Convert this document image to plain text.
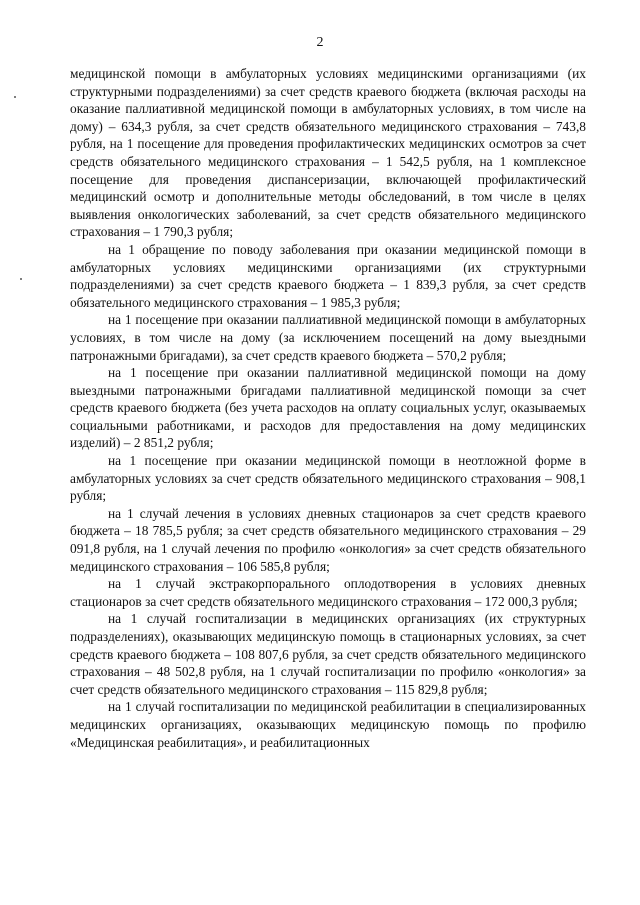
2

медицинской помощи в амбулаторных условиях медицинскими организациями (их структурными подразделениями) за счет средств краевого бюджета (включая расходы на оказание паллиативной медицинской помощи в амбулаторных условиях, в том числе на дому) – 634,3 рубля, за счет средств обязательного медицинского страхования – 743,8 рубля, на 1 посещение для проведения профилактических медицинских осмотров за счет средств обязательного медицинского страхования – 1 542,5 рубля, на 1 комплексное посещение для проведения диспансеризации, включающей профилактический медицинский осмотр и дополнительные методы обследований, в том числе в целях выявления онкологических заболеваний, за счет средств обязательного медицинского страхования – 1 790,3 рубля;

на 1 обращение по поводу заболевания при оказании медицинской помощи в амбулаторных условиях медицинскими организациями (их структурными подразделениями) за счет средств краевого бюджета – 1 839,3 рубля, за счет средств обязательного медицинского страхования – 1 985,3 рубля;

на 1 посещение при оказании паллиативной медицинской помощи в амбулаторных условиях, в том числе на дому (за исключением посещений на дому выездными патронажными бригадами), за счет средств краевого бюджета – 570,2 рубля;

на 1 посещение при оказании паллиативной медицинской помощи на дому выездными патронажными бригадами паллиативной медицинской помощи за счет средств краевого бюджета (без учета расходов на оплату социальных услуг, оказываемых социальными работниками, и расходов для предоставления на дому медицинских изделий) – 2 851,2 рубля;

на 1 посещение при оказании медицинской помощи в неотложной форме в амбулаторных условиях за счет средств обязательного медицинского страхования – 908,1 рубля;

на 1 случай лечения в условиях дневных стационаров за счет средств краевого бюджета – 18 785,5 рубля; за счет средств обязательного медицинского страхования – 29 091,8 рубля, на 1 случай лечения по профилю «онкология» за счет средств обязательного медицинского страхования – 106 585,8 рубля;

на 1 случай экстракорпорального оплодотворения в условиях дневных стационаров за счет средств обязательного медицинского страхования – 172 000,3 рубля;

на 1 случай госпитализации в медицинских организациях (их структурных подразделениях), оказывающих медицинскую помощь в стационарных условиях, за счет средств краевого бюджета – 108 807,6 рубля, за счет средств обязательного медицинского страхования – 48 502,8 рубля, на 1 случай госпитализации по профилю «онкология» за счет средств обязательного медицинского страхования – 115 829,8 рубля;

на 1 случай госпитализации по медицинской реабилитации в специализированных медицинских организациях, оказывающих медицинскую помощь по профилю «Медицинская реабилитация», и реабилитационных
